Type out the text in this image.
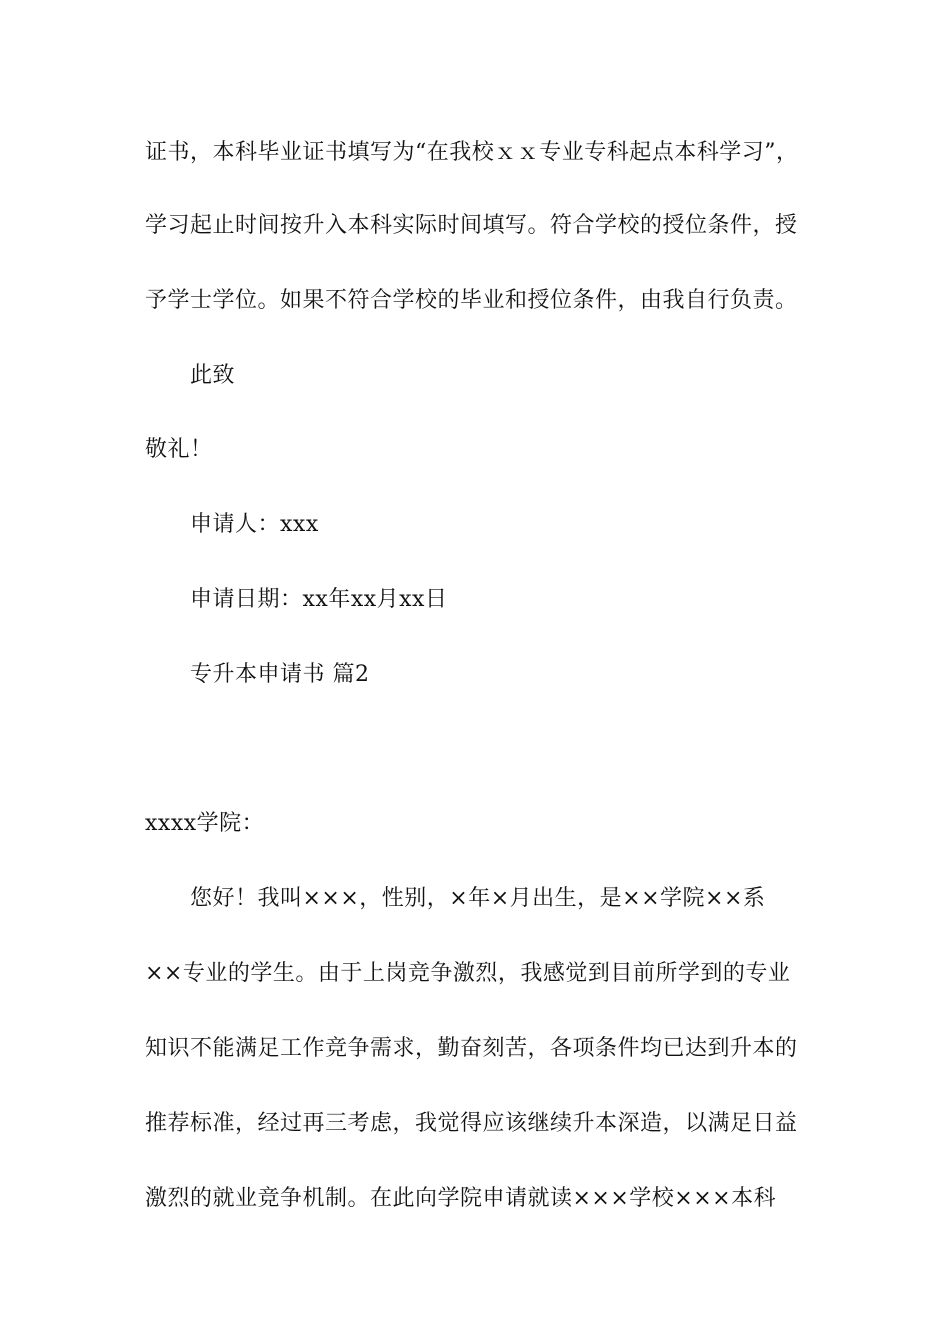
证书，本科毕业证书填写为“在我校ｘｘ专业专科起点本科学习”，
学习起止时间按升入本科实际时间填写。符合学校的授位条件，授
予学士学位。如果不符合学校的毕业和授位条件，由我自行负责。
此致
敬礼！
申请人：xxx
申请日期：xx年xx月xx日
专升本申请书 篇2
xxxx学院：
您好！我叫×××，性别，×年×月出生，是××学院××系
××专业的学生。由于上岗竞争激烈，我感觉到目前所学到的专业
知识不能满足工作竞争需求，勤奋刻苦，各项条件均已达到升本的
推荐标准，经过再三考虑，我觉得应该继续升本深造，以满足日益
激烈的就业竞争机制。在此向学院申请就读×××学校×××本科
